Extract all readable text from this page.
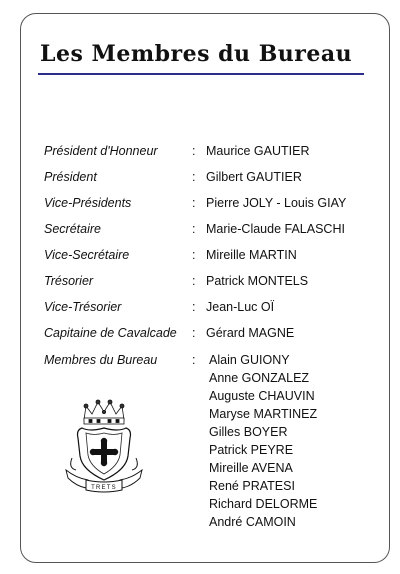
Les Membres du Bureau
Président d'Honneur	: Maurice GAUTIER
Président	: Gilbert GAUTIER
Vice-Présidents	: Pierre JOLY - Louis GIAY
Secrétaire	: Marie-Claude FALASCHI
Vice-Secrétaire	: Mireille MARTIN
Trésorier	: Patrick MONTELS
Vice-Trésorier	: Jean-Luc OÏ
Capitaine de Cavalcade : Gérard MAGNE
Membres du Bureau	: Alain GUIONY
Anne GONZALEZ
Auguste CHAUVIN
Maryse MARTINEZ
Gilles BOYER
Patrick PEYRE
Mireille AVENA
René PRATESI
Richard DELORME
André CAMOIN
TRETS
